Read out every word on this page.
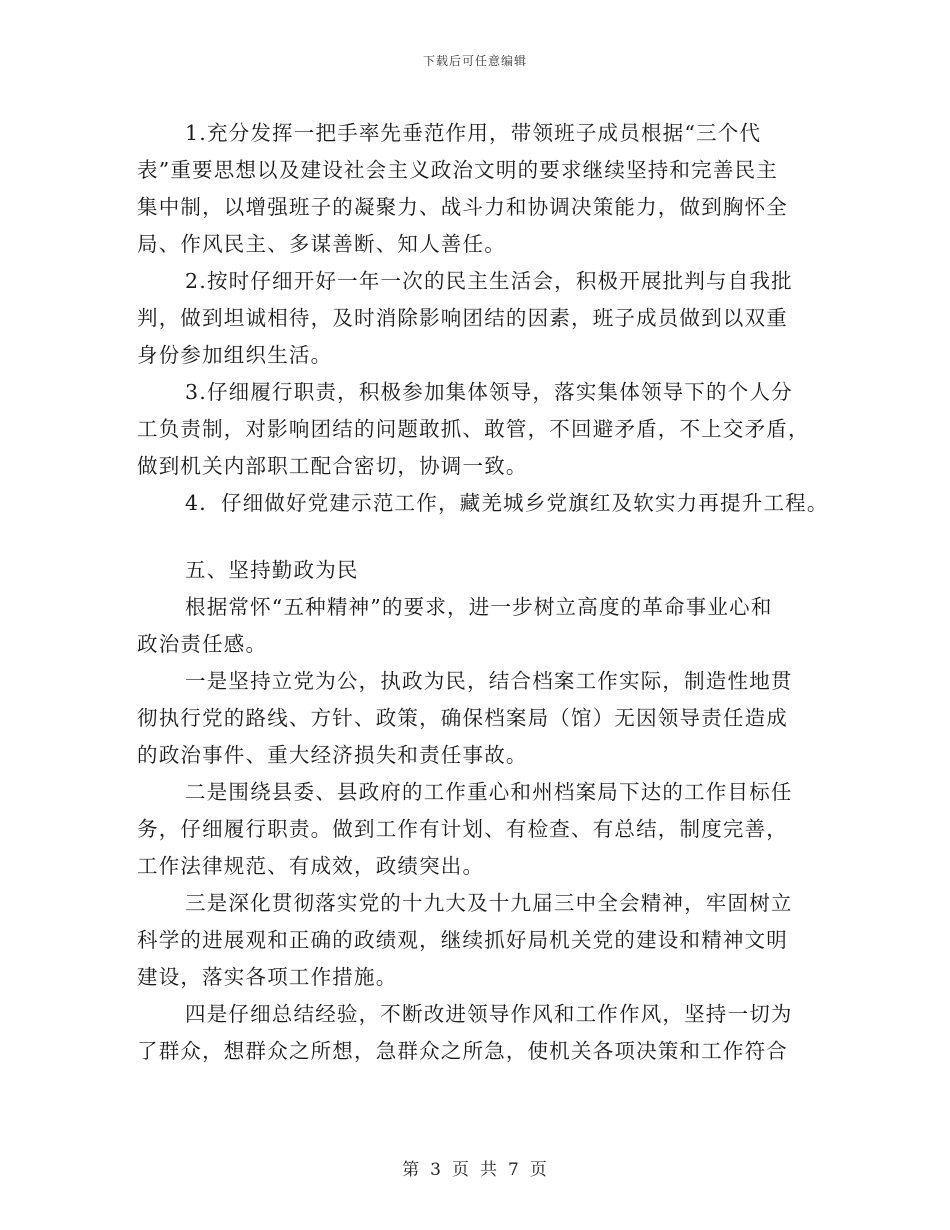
下载后可任意编辑
1.充分发挥一把手率先垂范作用，带领班子成员根据“三个代
表”重要思想以及建设社会主义政治文明的要求继续坚持和完善民主
集中制，以增强班子的凝聚力、战斗力和协调决策能力，做到胸怀全
局、作风民主、多谋善断、知人善任。
2.按时仔细开好一年一次的民主生活会，积极开展批判与自我批
判，做到坦诚相待，及时消除影响团结的因素，班子成员做到以双重
身份参加组织生活。
3.仔细履行职责，积极参加集体领导，落实集体领导下的个人分
工负责制，对影响团结的问题敢抓、敢管，不回避矛盾，不上交矛盾，
做到机关内部职工配合密切，协调一致。
4．仔细做好党建示范工作，藏羌城乡党旗红及软实力再提升工程。
五、坚持勤政为民
根据常怀“五种精神”的要求，进一步树立高度的革命事业心和
政治责任感。
一是坚持立党为公，执政为民，结合档案工作实际，制造性地贯
彻执行党的路线、方针、政策，确保档案局（馆）无因领导责任造成
的政治事件、重大经济损失和责任事故。
二是围绕县委、县政府的工作重心和州档案局下达的工作目标任
务，仔细履行职责。做到工作有计划、有检查、有总结，制度完善，
工作法律规范、有成效，政绩突出。
三是深化贯彻落实党的十九大及十九届三中全会精神，牢固树立
科学的进展观和正确的政绩观，继续抓好局机关党的建设和精神文明
建设，落实各项工作措施。
四是仔细总结经验，不断改进领导作风和工作作风，坚持一切为
了群众，想群众之所想，急群众之所急，使机关各项决策和工作符合
第 3 页 共 7 页
